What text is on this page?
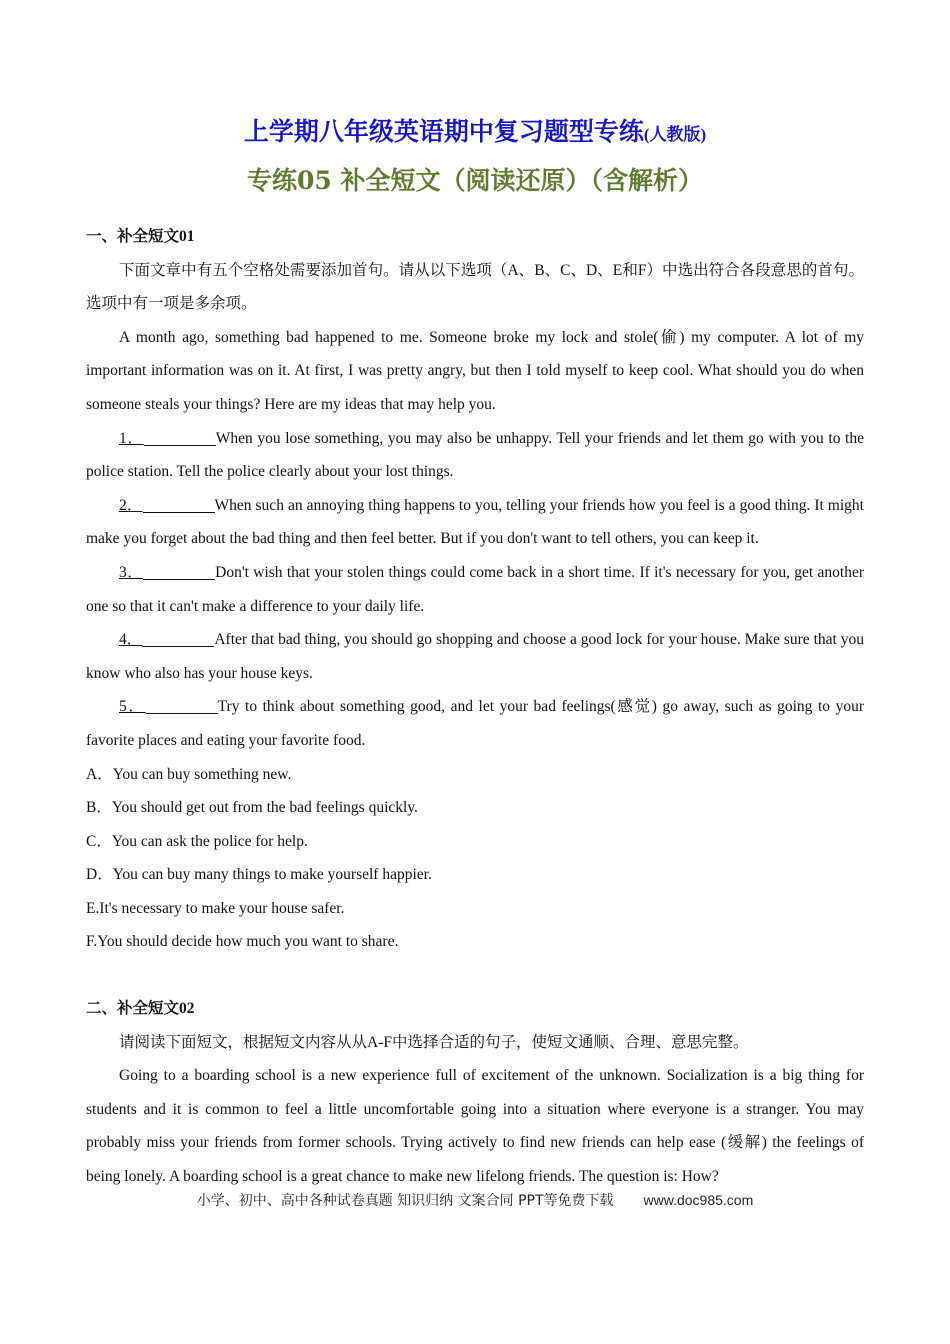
上学期八年级英语期中复习题型专练(人教版)
专练05 补全短文（阅读还原）（含解析）

一、补全短文01

下面文章中有五个空格处需要添加首句。请从以下选项（A、B、C、D、E和F）中选出符合各段意思的首句。选项中有一项是多余项。

A month ago, something bad happened to me. Someone broke my lock and stole(偷) my computer. A lot of my important information was on it. At first, I was pretty angry, but then I told myself to keep cool. What should you do when someone steals your things? Here are my ideas that may help you.

1．	When you lose something, you may also be unhappy. Tell your friends and let them go with you to the police station. Tell the police clearly about your lost things.

2．	When such an annoying thing happens to you, telling your friends how you feel is a good thing. It might make you forget about the bad thing and then feel better. But if you don't want to tell others, you can keep it.

3．	Don't wish that your stolen things could come back in a short time. If it's necessary for you, get another one so that it can't make a difference to your daily life.

4．	After that bad thing, you should go shopping and choose a good lock for your house. Make sure that you know who also has your house keys.

5．	Try to think about something good, and let your bad feelings(感觉) go away, such as going to your favorite places and eating your favorite food.

A．You can buy something new.

B．You should get out from the bad feelings quickly.

C．You can ask the police for help.

D．You can buy many things to make yourself happier.

E.It's necessary to make your house safer.

F.You should decide how much you want to share.

二、补全短文02

请阅读下面短文，根据短文内容从从A-F中选择合适的句子，使短文通顺、合理、意思完整。

Going to a boarding school is a new experience full of excitement of the unknown. Socialization is a big thing for students and it is common to feel a little uncomfortable going into a situation where everyone is a stranger. You may probably miss your friends from former schools. Trying actively to find new friends can help ease (缓解) the feelings of being lonely. A boarding school is a great chance to make new lifelong friends. The question is: How?

小学、初中、高中各种试卷真题 知识归纳 文案合同 PPT等免费下载 www.doc985.com
